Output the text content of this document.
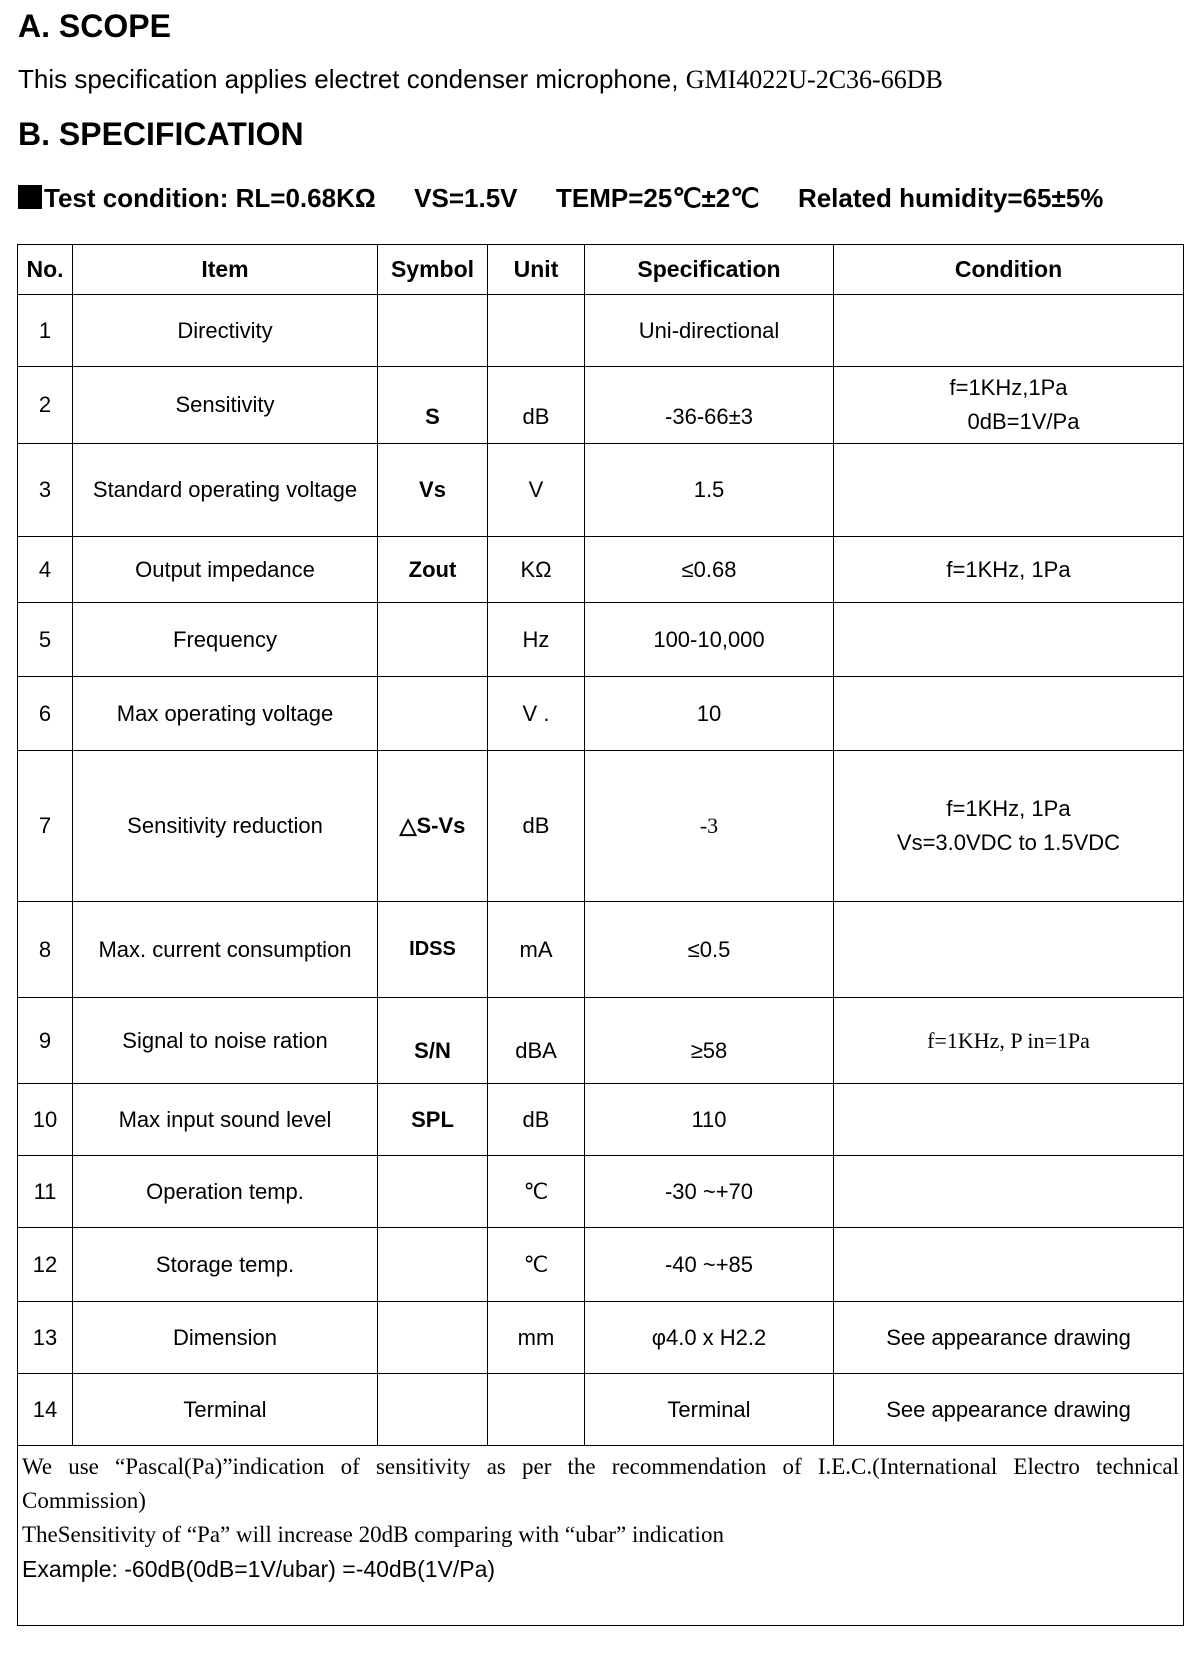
A. SCOPE
This specification applies electret condenser microphone, GMI4022U-2C36-66DB
B. SPECIFICATION
Test condition: RL=0.68KΩ VS=1.5V TEMP=25℃±2℃ Related humidity=65±5%
No.	Item	Symbol	Unit	Specification	Condition
1	Directivity			Uni-directional	
2	Sensitivity	S	dB	-36-66±3	f=1KHz,1Pa
0dB=1V/Pa

3	Standard operating voltage	Vs	V	1.5	
4	Output impedance	Zout	KΩ	≤0.68	f=1KHz, 1Pa
5	Frequency		Hz	100-10,000	
6	Max operating voltage		V .	10	
7	Sensitivity reduction	△S-Vs	dB	-3	f=1KHz, 1Pa
Vs=3.0VDC to 1.5VDC

8	Max. current consumption	IDSS	mA	≤0.5	
9	Signal to noise ration	S/N	dBA	≥58	f=1KHz, P in=1Pa
10	Max input sound level	SPL	dB	110	
11	Operation temp.		℃	-30 ~+70	
12	Storage temp.		℃	-40 ~+85	
13	Dimension		mm	φ4.0 x H2.2	See appearance drawing
14	Terminal			Terminal	See appearance drawing

We use “Pascal(Pa)”indication of sensitivity as per the recommendation of I.E.C.(International Electro technical

Commission)

TheSensitivity of “Pa” will increase 20dB comparing with “ubar” indication

Example: -60dB(0dB=1V/ubar) =-40dB(1V/Pa)					
